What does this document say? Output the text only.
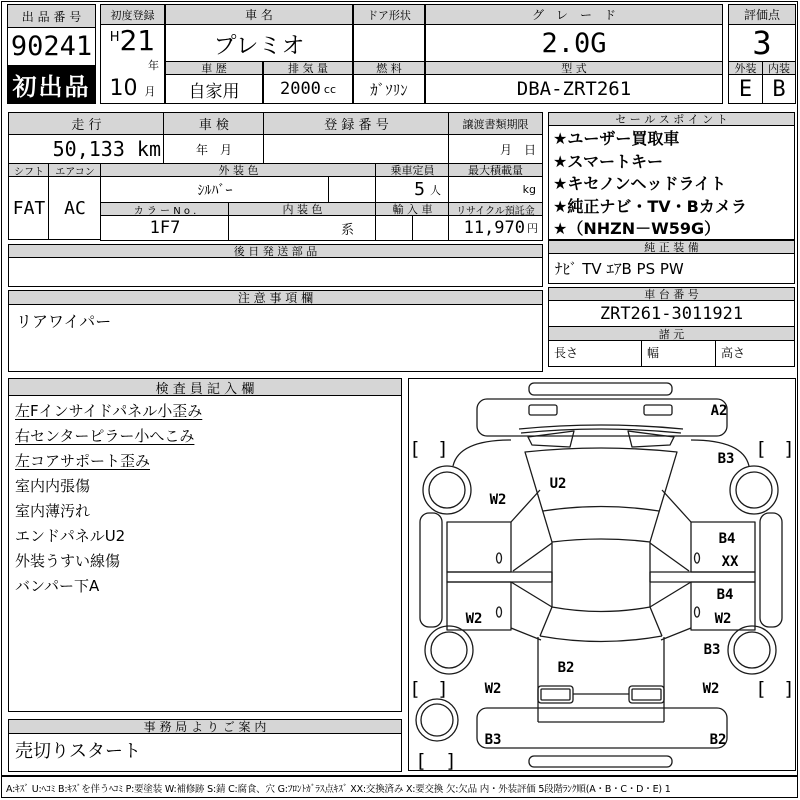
出 品 番 号
90241
初出品
初度登録
H 21
年
10 月
車 名
プレミオ
車 歴
自家用
排 気 量
2000 cc
ドア形状
燃 料
ｶﾞｿﾘﾝ
グ　レ　ー　ド
2.0G
型 式
DBA-ZRT261
評価点
3
外装 内装
E B
走 行
50,133 km
車 検
年　月
登 録 番 号	譲渡書類期限
月　日
シフト エアコン
FAT AC
外 装 色
ｼﾙﾊﾞｰ
カ ラ ー N o .	内 装 色
1F7	系
乗車定員
5 人
輸 入 車
最大積載量
kg
リサイクル預託金
11,970 円
後 日 発 送 部 品
注 意 事 項 欄
リアワイパー
検 査 員 記 入 欄
左Fインサイドパネル小歪み
右センターピラー小へこみ
左コアサポート歪み
室内内張傷
室内薄汚れ
エンドパネルU2
外装うすい線傷
バンパー下A
事 務 局 よ り ご 案 内
売切りスタート
セ ー ル ス ポ イ ン ト
★ユーザー買取車
★スマートキー
★キセノンヘッドライト
★純正ナビ・TV・Bカメラ
★（NHZN－W59G）
純 正 装 備
ﾅﾋﾞ TV ｴｱB PS PW
車 台 番 号
ZRT261-3011921
諸 元
長さ	幅	高さ
A2
B3
U2
W2
B4
XX
B4
W2	W2
B3
B2
W2	W2
B3	B2
[ ]	[ ]
[ ]	[ ]
[ ]
A:ｷｽﾞ U:ﾍｺﾐ B:ｷｽﾞを伴うﾍｺﾐ P:要塗装 W:補修跡 S:錆 C:腐食、穴 G:ﾌﾛﾝﾄｶﾞﾗｽ点ｷｽﾞ XX:交換済み X:要交換 欠:欠品 内・外装評価 5段階ﾗﾝｸ順(A・B・C・D・E) 1
